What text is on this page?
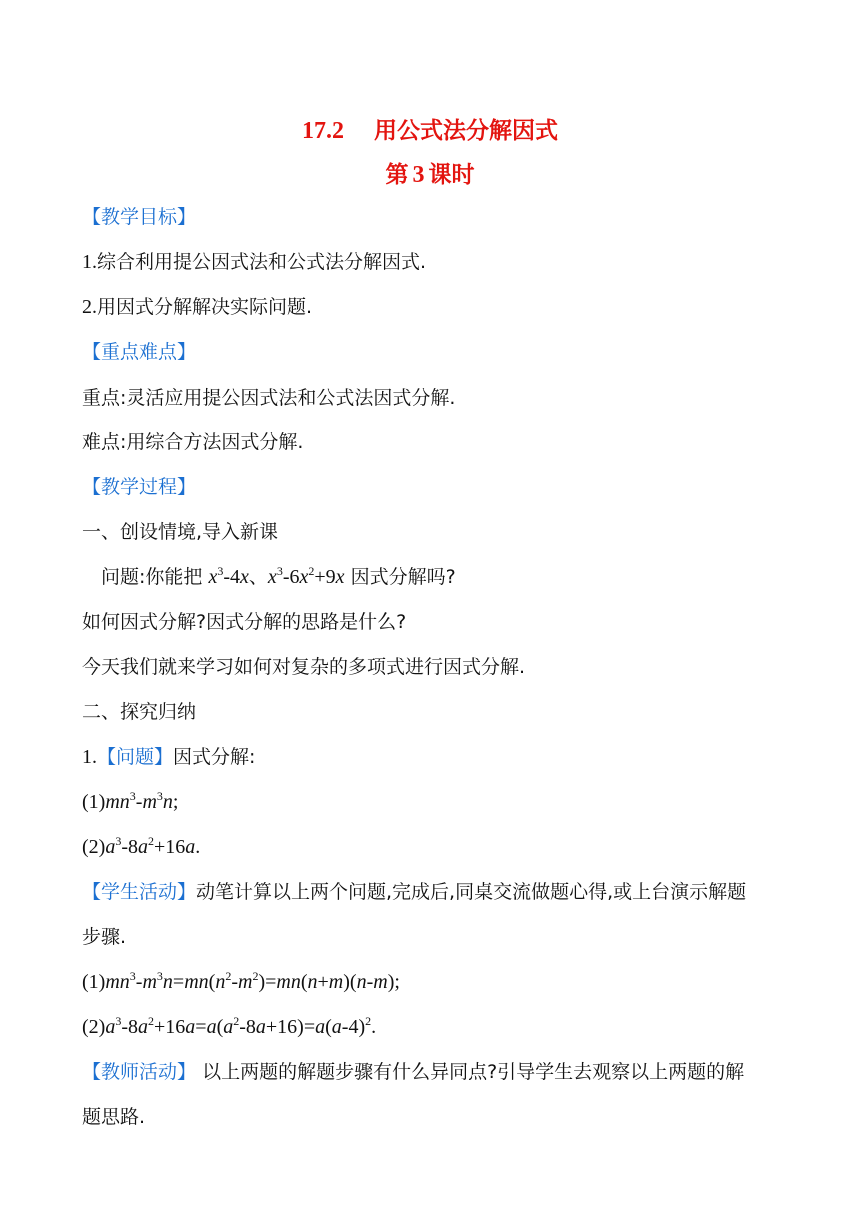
17.2 用公式法分解因式
第 3 课时
【教学目标】
1.综合利用提公因式法和公式法分解因式.
2.用因式分解解决实际问题.
【重点难点】
重点:灵活应用提公因式法和公式法因式分解.
难点:用综合方法因式分解.
【教学过程】
一、创设情境,导入新课
问题:你能把 $x^3-4x$、$x^3-6x^2+9x$ 因式分解吗?
如何因式分解?因式分解的思路是什么?
今天我们就来学习如何对复杂的多项式进行因式分解.
二、探究归纳
1.【问题】因式分解:
$(1)mn^3-m^3n$;
$(2)a^3-8a^2+16a$.
【学生活动】动笔计算以上两个问题,完成后,同桌交流做题心得,或上台演示解题
步骤.
$(1)mn^3-m^3n=mn(n^2-m^2)=mn(n+m)(n-m)$;
$(2)a^3-8a^2+16a=a(a^2-8a+16)=a(a-4)^2$.
【教师活动】 以上两题的解题步骤有什么异同点?引导学生去观察以上两题的解
题思路.
